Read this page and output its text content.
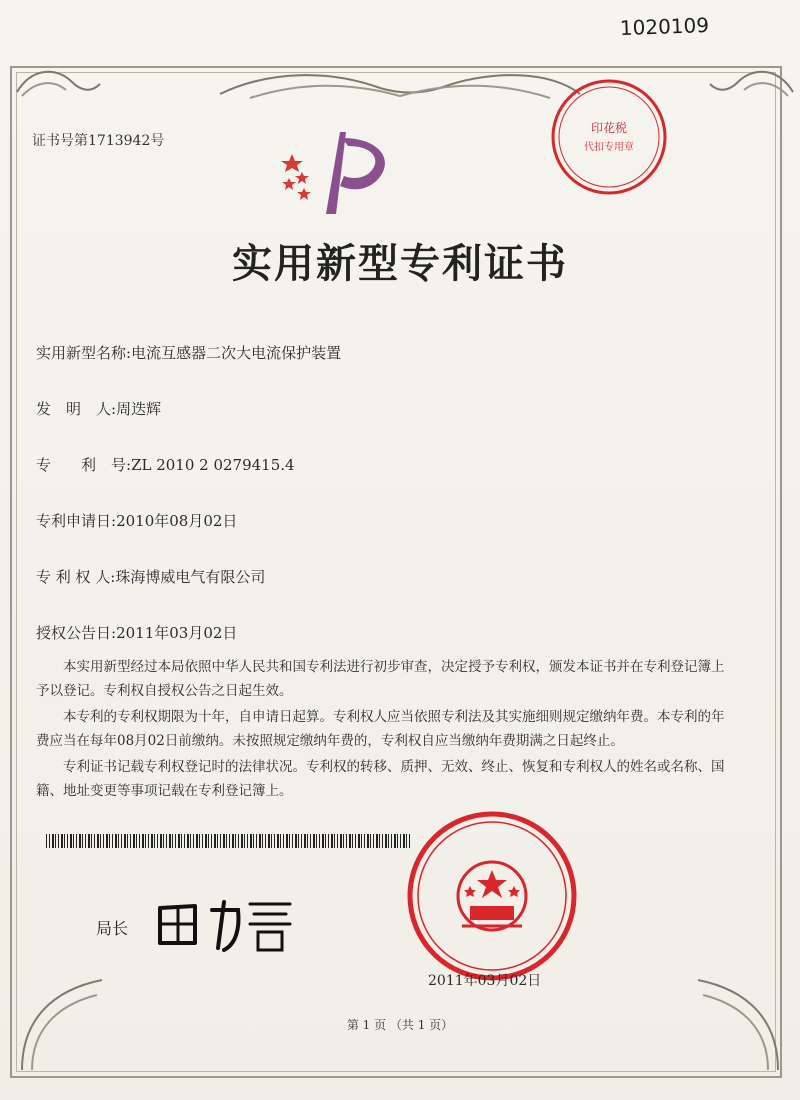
1020109
证书号第1713942号
实用新型专利证书
实用新型名称:电流互感器二次大电流保护装置
发　明　人:周迭辉
专　　利　号:ZL 2010 2 0279415.4
专利申请日:2010年08月02日
专 利 权 人:珠海博威电气有限公司
授权公告日:2011年03月02日

本实用新型经过本局依照中华人民共和国专利法进行初步审查，决定授予专利权，颁发本证书并在专利登记簿上予以登记。专利权自授权公告之日起生效。

本专利的专利权期限为十年，自申请日起算。专利权人应当依照专利法及其实施细则规定缴纳年费。本专利的年费应当在每年08月02日前缴纳。未按照规定缴纳年费的，专利权自应当缴纳年费期满之日起终止。

专利证书记载专利权登记时的法律状况。专利权的转移、质押、无效、终止、恢复和专利权人的姓名或名称、国籍、地址变更等事项记载在专利登记簿上。

局长
印花税
代扣专用章
2011年03月02日
第 1 页 （共 1 页）
